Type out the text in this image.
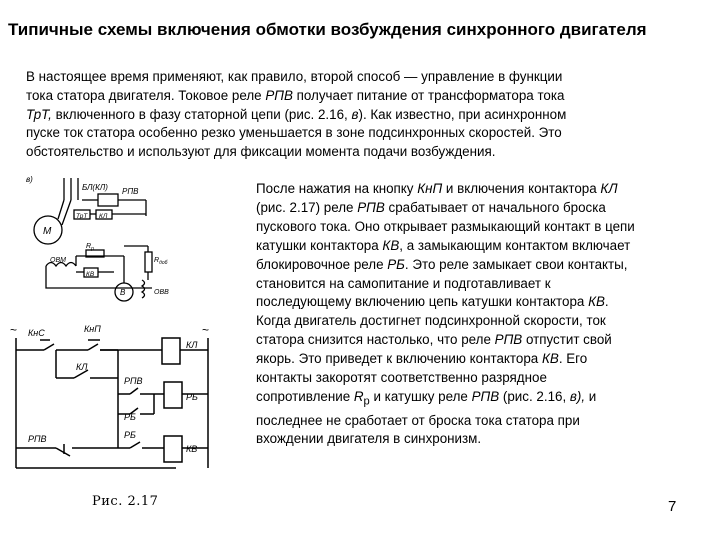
Типичные схемы включения обмотки возбуждения синхронного двигателя

В настоящее время применяют, как правило, второй способ — управление в функции
тока статора двигателя. Токовое реле РПВ получает питание от трансформатора тока
ТрТ, включенного в фазу статорной цепи (рис. 2.16, в). Как известно, при асинхронном
пуске ток статора особенно резко уменьшается в зоне подсинхронных скоростей. Это
обстоятельство и используют для фиксации момента подачи возбуждения.

в)
БЛ(КЛ) РПВ
ТрТ КЛ
М
ОВМ
$R_р$
КВ
$R_{доб}$
В	ОВВ
~	~
КнС	КнП
КЛ
КЛ
РПВ
РБ
РБ
РПВ	РБ
КВ
Рис. 2.17

После нажатия на кнопку КнП и включения контактора КЛ
(рис. 2.17) реле РПВ срабатывает от начального броска
пускового тока. Оно открывает размыкающий контакт в цепи
катушки контактора КВ, а замыкающим контактом включает
блокировочное реле РБ. Это реле замыкает свои контакты,
становится на самопитание и подготавливает к
последующему включению цепь катушки контактора КВ.
Когда двигатель достигнет подсинхронной скорости, ток
статора снизится настолько, что реле РПВ отпустит свой
якорь. Это приведет к включению контактора КВ. Его
контакты закоротят соответственно разрядное
сопротивление $R_р$ и катушку реле РПВ (рис. 2.16, в), и
последнее не сработает от броска тока статора при
вхождении двигателя в синхронизм.

7
